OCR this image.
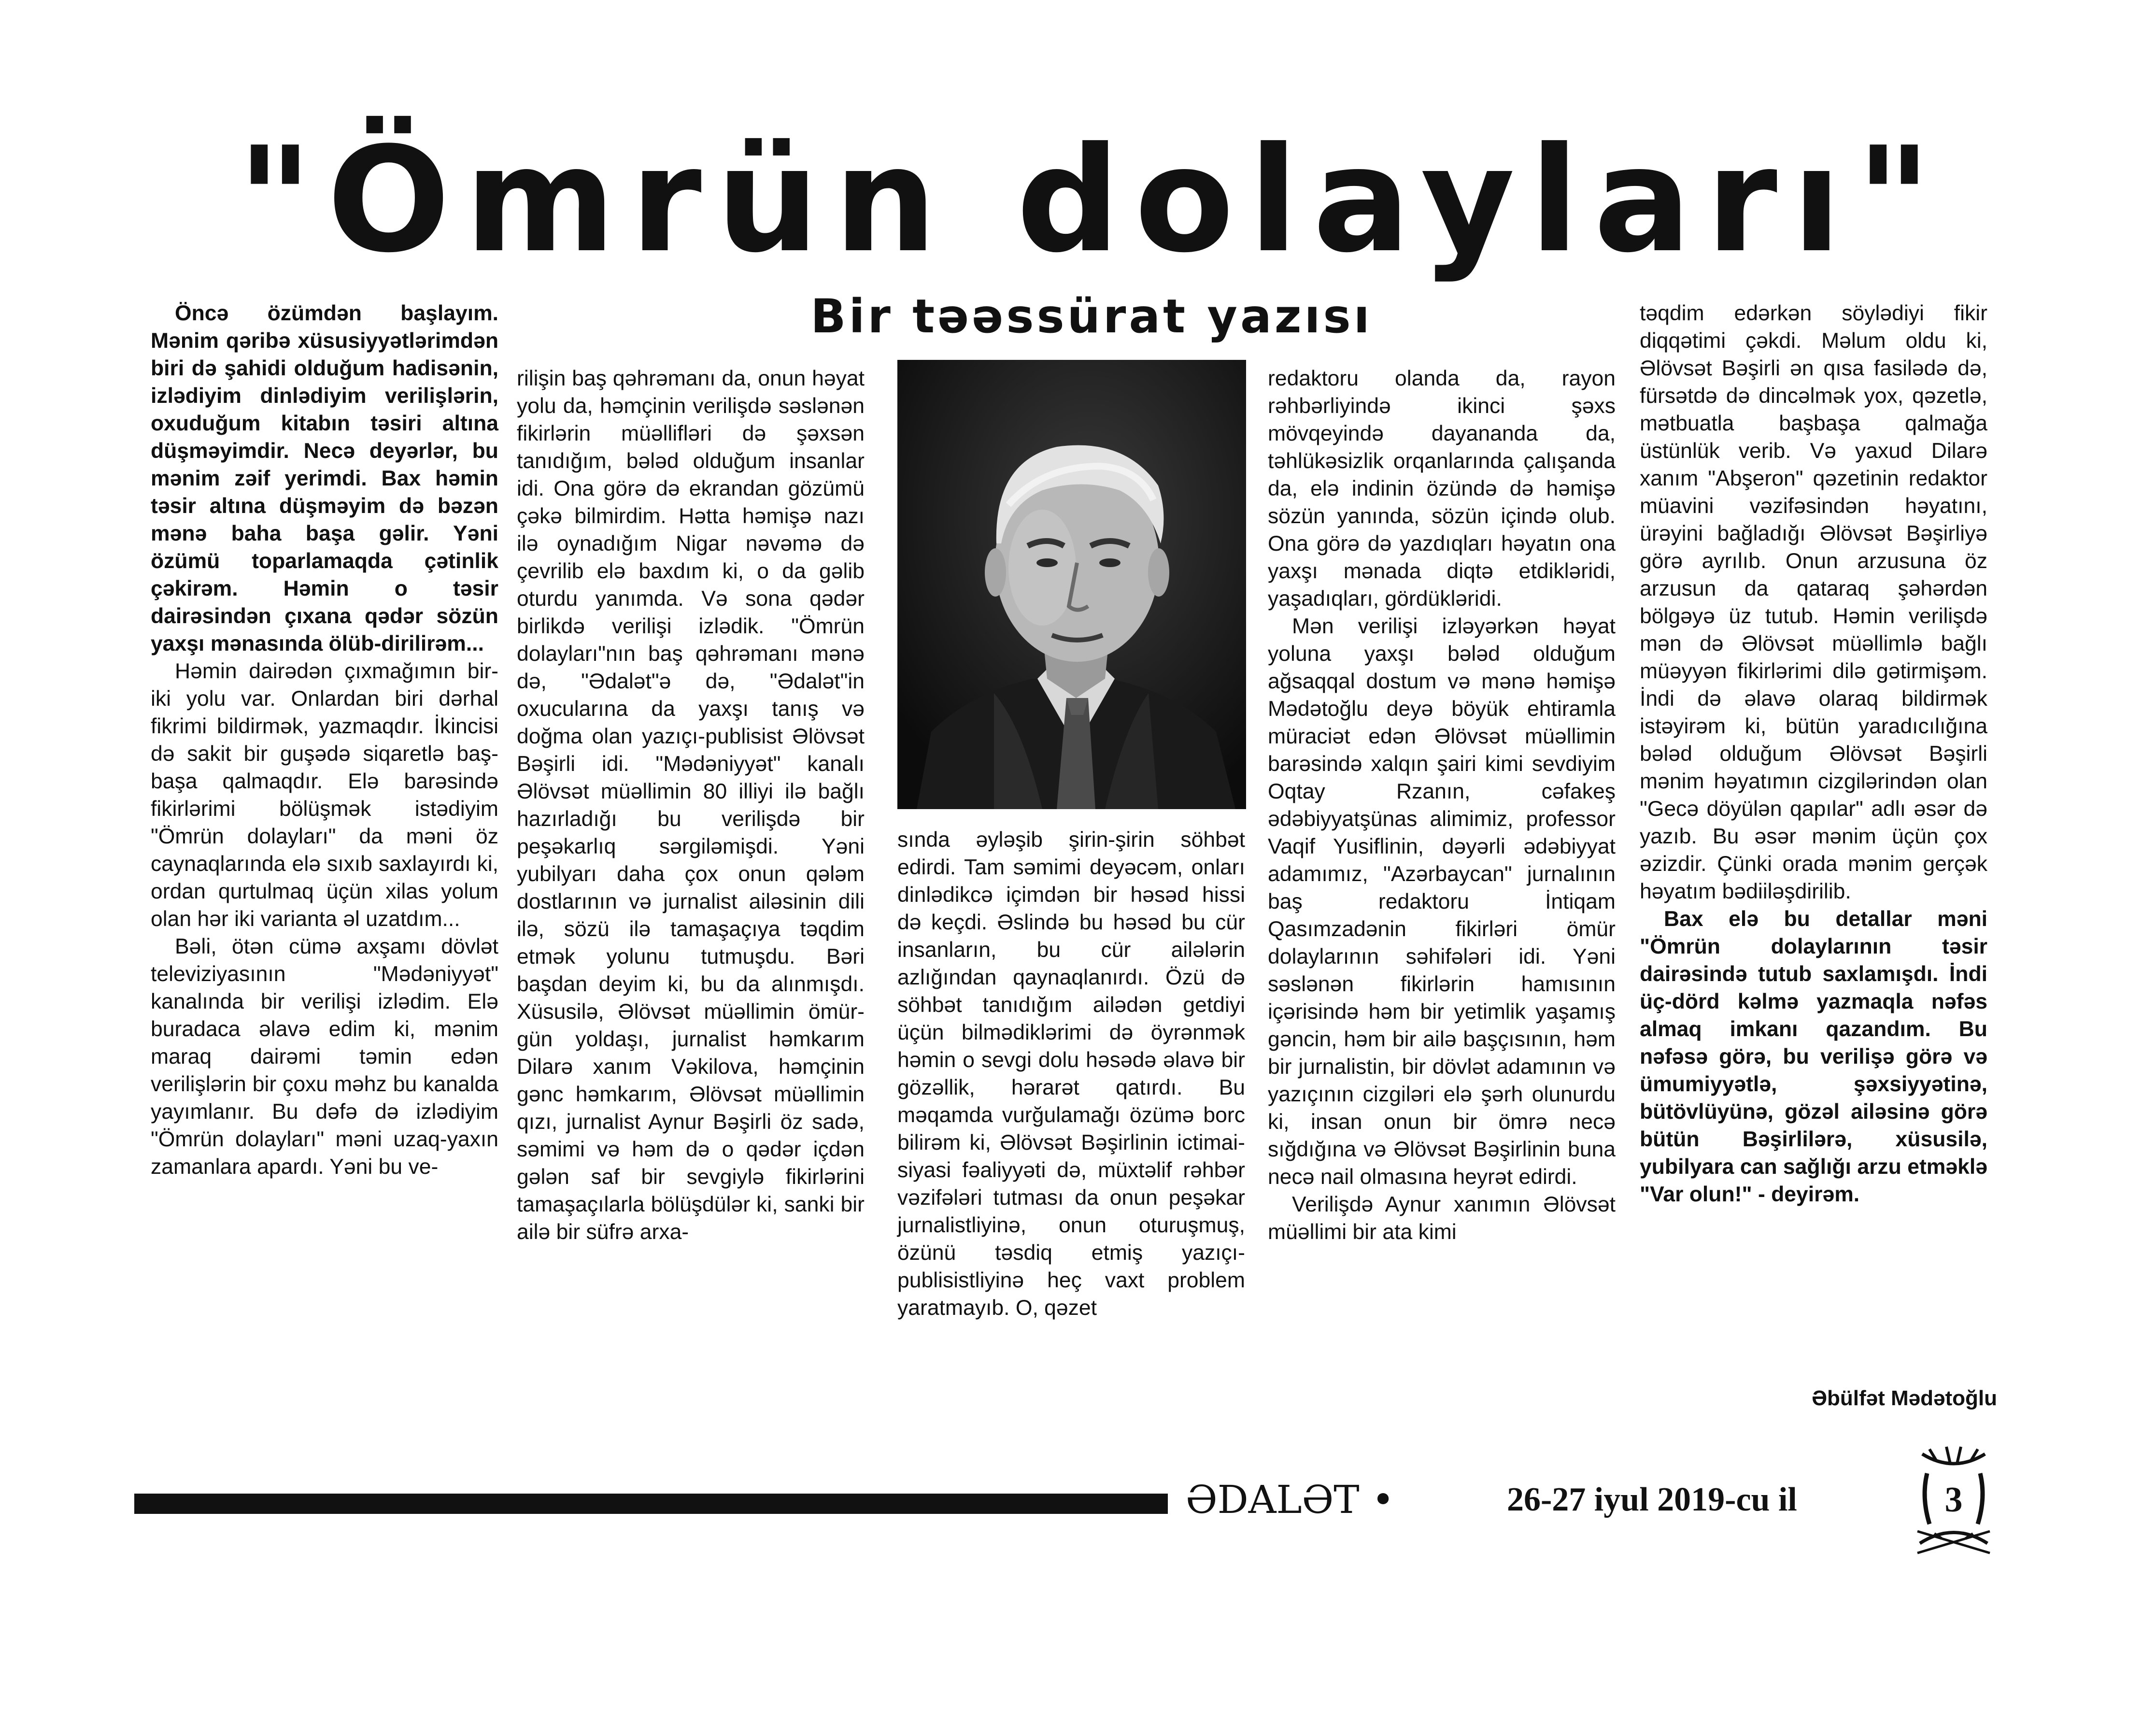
"Ömrün dolayları"
Bir təəssürat yazısı

Öncə özümdən başlayım. Mənim qəribə xüsusiyyətlərimdən biri də şahidi olduğum hadisənin, izlədiyim dinlədiyim verilişlərin, oxuduğum kitabın təsiri altına düşməyimdir. Necə deyərlər, bu mənim zəif yerimdi. Bax həmin təsir altına düşməyim də bəzən mənə baha başa gəlir. Yəni özümü toparlamaqda çətinlik çəkirəm. Həmin o təsir dairəsindən çıxana qədər sözün yaxşı mənasında ölüb-dirilirəm...

Həmin dairədən çıxmağımın bir-iki yolu var. Onlardan biri dərhal fikrimi bildirmək, yazmaqdır. İkincisi də sakit bir guşədə siqaretlə baş-başa qalmaqdır. Elə barəsində fikirlərimi bölüşmək istədiyim "Ömrün dolayları" da məni öz caynaqlarında elə sıxıb saxlayırdı ki, ordan qurtulmaq üçün xilas yolum olan hər iki varianta əl uzatdım...

Bəli, ötən cümə axşamı dövlət televiziyasının "Mədəniyyət" kanalında bir verilişi izlədim. Elə buradaca əlavə edim ki, mənim maraq dairəmi təmin edən verilişlərin bir çoxu məhz bu kanalda yayımlanır. Bu dəfə də izlədiyim "Ömrün dolayları" məni uzaq-yaxın zamanlara apardı. Yəni bu ve-

rilişin baş qəhrəmanı da, onun həyat yolu da, həmçinin verilişdə səslənən fikirlərin müəllifləri də şəxsən tanıdığım, bələd olduğum insanlar idi. Ona görə də ekrandan gözümü çəkə bilmirdim. Hətta həmişə nazı ilə oynadığım Nigar nəvəmə də çevrilib elə baxdım ki, o da gəlib oturdu yanımda. Və sona qədər birlikdə verilişi izlədik. "Ömrün dolayları"nın baş qəhrəmanı mənə də, "Ədalət"ə də, "Ədalət"in oxucularına da yaxşı tanış və doğma olan yazıçı-publisist Əlövsət Bəşirli idi. "Mədəniyyət" kanalı Əlövsət müəllimin 80 illiyi ilə bağlı hazırladığı bu verilişdə bir peşəkarlıq sərgiləmişdi. Yəni yubilyarı daha çox onun qələm dostlarının və jurnalist ailəsinin dili ilə, sözü ilə tamaşaçıya təqdim etmək yolunu tutmuşdu. Bəri başdan deyim ki, bu da alınmışdı. Xüsusilə, Əlövsət müəllimin ömür-gün yoldaşı, jurnalist həmkarım Dilarə xanım Vəkilova, həmçinin gənc həmkarım, Əlövsət müəllimin qızı, jurnalist Aynur Bəşirli öz sadə, səmimi və həm də o qədər içdən gələn saf bir sevgiylə fikirlərini tamaşaçılarla bölüşdülər ki, sanki bir ailə bir süfrə arxa-

sında əyləşib şirin-şirin söhbət edirdi. Tam səmimi deyəcəm, onları dinlədikcə içimdən bir həsəd hissi də keçdi. Əslində bu həsəd bu cür insanların, bu cür ailələrin azlığından qaynaqlanırdı. Özü də söhbət tanıdığım ailədən getdiyi üçün bilmədiklərimi də öyrənmək həmin o sevgi dolu həsədə əlavə bir gözəllik, hərarət qatırdı. Bu məqamda vurğulamağı özümə borc bilirəm ki, Əlövsət Bəşirlinin ictimai-siyasi fəaliyyəti də, müxtəlif rəhbər vəzifələri tutması da onun peşəkar jurnalistliyinə, onun oturuşmuş, özünü təsdiq etmiş yazıçı-publisistliyinə heç vaxt problem yaratmayıb. O, qəzet

redaktoru olanda da, rayon rəhbərliyində ikinci şəxs mövqeyində dayananda da, təhlükəsizlik orqanlarında çalışanda da, elə indinin özündə də həmişə sözün yanında, sözün içində olub. Ona görə də yazdıqları həyatın ona yaxşı mənada diqtə etdikləridi, yaşadıqları, gördükləridi.

Mən verilişi izləyərkən həyat yoluna yaxşı bələd olduğum ağsaqqal dostum və mənə həmişə Mədətoğlu deyə böyük ehtiramla müraciət edən Əlövsət müəllimin barəsində xalqın şairi kimi sevdiyim Oqtay Rzanın, cəfakeş ədəbiyyatşünas alimimiz, professor Vaqif Yusiflinin, dəyərli ədəbiyyat adamımız, "Azərbaycan" jurnalının baş redaktoru İntiqam Qasımzadənin fikirləri ömür dolaylarının səhifələri idi. Yəni səslənən fikirlərin hamısının içərisində həm bir yetimlik yaşamış gəncin, həm bir ailə başçısının, həm bir jurnalistin, bir dövlət adamının və yazıçının cizgiləri elə şərh olunurdu ki, insan onun bir ömrə necə sığdığına və Əlövsət Bəşirlinin buna necə nail olmasına heyrət edirdi.

Verilişdə Aynur xanımın Əlövsət müəllimi bir ata kimi

təqdim edərkən söylədiyi fikir diqqətimi çəkdi. Məlum oldu ki, Əlövsət Bəşirli ən qısa fasilədə də, fürsətdə də dincəlmək yox, qəzetlə, mətbuatla başbaşa qalmağa üstünlük verib. Və yaxud Dilarə xanım "Abşeron" qəzetinin redaktor müavini vəzifəsindən həyatını, ürəyini bağladığı Əlövsət Bəşirliyə görə ayrılıb. Onun arzusuna öz arzusun da qataraq şəhərdən bölgəyə üz tutub. Həmin verilişdə mən də Əlövsət müəllimlə bağlı müəyyən fikirlərimi dilə gətirmişəm. İndi də əlavə olaraq bildirmək istəyirəm ki, bütün yaradıcılığına bələd olduğum Əlövsət Bəşirli mənim həyatımın cizgilərindən olan "Gecə döyülən qapılar" adlı əsər də yazıb. Bu əsər mənim üçün çox əzizdir. Çünki orada mənim gerçək həyatım bədiiləşdirilib.

Bax elə bu detallar məni "Ömrün dolaylarının təsir dairəsində tutub saxlamışdı. İndi üç-dörd kəlmə yazmaqla nəfəs almaq imkanı qazandım. Bu nəfəsə görə, bu verilişə görə və ümumiyyətlə, şəxsiyyətinə, bütövlüyünə, gözəl ailəsinə görə bütün Bəşirlilərə, xüsusilə, yubilyara can sağlığı arzu etməklə "Var olun!" - deyirəm.

Əbülfət Mədətoğlu

ƏDALƏT •	26-27 iyul 2019-cu il	3
